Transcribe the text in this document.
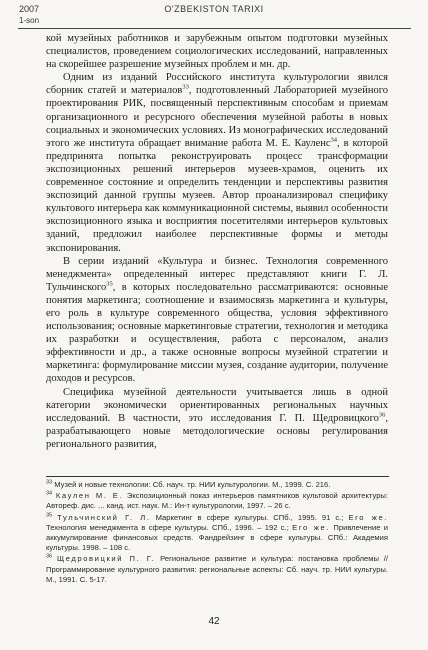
2007
1-son
O'ZBEKISTON TARIXI

кой музейных работников и зарубежным опытом подготовки музейных специалистов, проведением социологических исследований, направленных на скорейшее разрешение музейных проблем и мн. др.

Одним из изданий Российского института культурологии явился сборник статей и материалов$^{33}$, подготовленный Лабораторией музейного проектирования РИК, посвященный перспективным способам и приемам организационного и ресурсного обеспечения музейной работы в новых социальных и экономических условиях. Из монографических исследований этого же института обращает внимание работа М. Е. Кауленс$^{34}$, в которой предпринята попытка реконструировать процесс трансформации экспозиционных решений интерьеров музеев-храмов, оценить их современное состояние и определить тенденции и перспективы развития экспозиций данной группы музеев. Автор проанализировал специфику культового интерьера как коммуникационной системы, выявил особенности экспозиционного языка и восприятия посетителями интерьеров культовых зданий, предложил наиболее перспективные формы и методы экспонирования.

В серии изданий «Культура и бизнес. Технология современного менеджмента» определенный интерес представляют книги Г. Л. Тульчинского$^{35}$, в которых последовательно рассматриваются: основные понятия маркетинга; соотношение и взаимосвязь маркетинга и культуры, его роль в культуре современного общества, условия эффективного использования; основные маркетинговые стратегии, технология и методика их разработки и осуществления, работа с персоналом, анализ эффективности и др., а также основные вопросы музейной стратегии и маркетинга: формулирование миссии музея, создание аудитории, получение доходов и ресурсов.

Специфика музейной деятельности учитывается лишь в одной категории экономически ориентированных региональных научных исследований. В частности, это исследования Г. П. Щедровицкого$^{36}$, разрабатывающего новые методологические основы регулирования регионального развития,

$^{33}$ Музей и новые технологии: Сб. науч. тр. НИИ культурологии. М., 1999. С. 216.

$^{34}$ Каулен М. Е. Экспозиционный показ интерьеров памятников культовой архитектуры: Автореф. дис. ... канд. ист. наук. М.: Ин-т культурологии, 1997. – 26 с.

$^{35}$ Тульчинский Г. Л. Маркетинг в сфере культуры. СПб., 1995. 91 с.; Его же. Технология менеджмента в сфере культуры. СПб., 1996. – 192 с.; Его же. Привлечение и аккумулирование финансовых средств. Фандрейзинг в сфере культуры. СПб.: Академия культуры. 1998. – 108 с.

$^{36}$ Щедровицкий П. Г. Региональное развитие и культура: постановка проблемы // Программирование культурного развития: региональные аспекты: Сб. науч. тр. НИИ культуры. М., 1991. С. 5-17.

42
